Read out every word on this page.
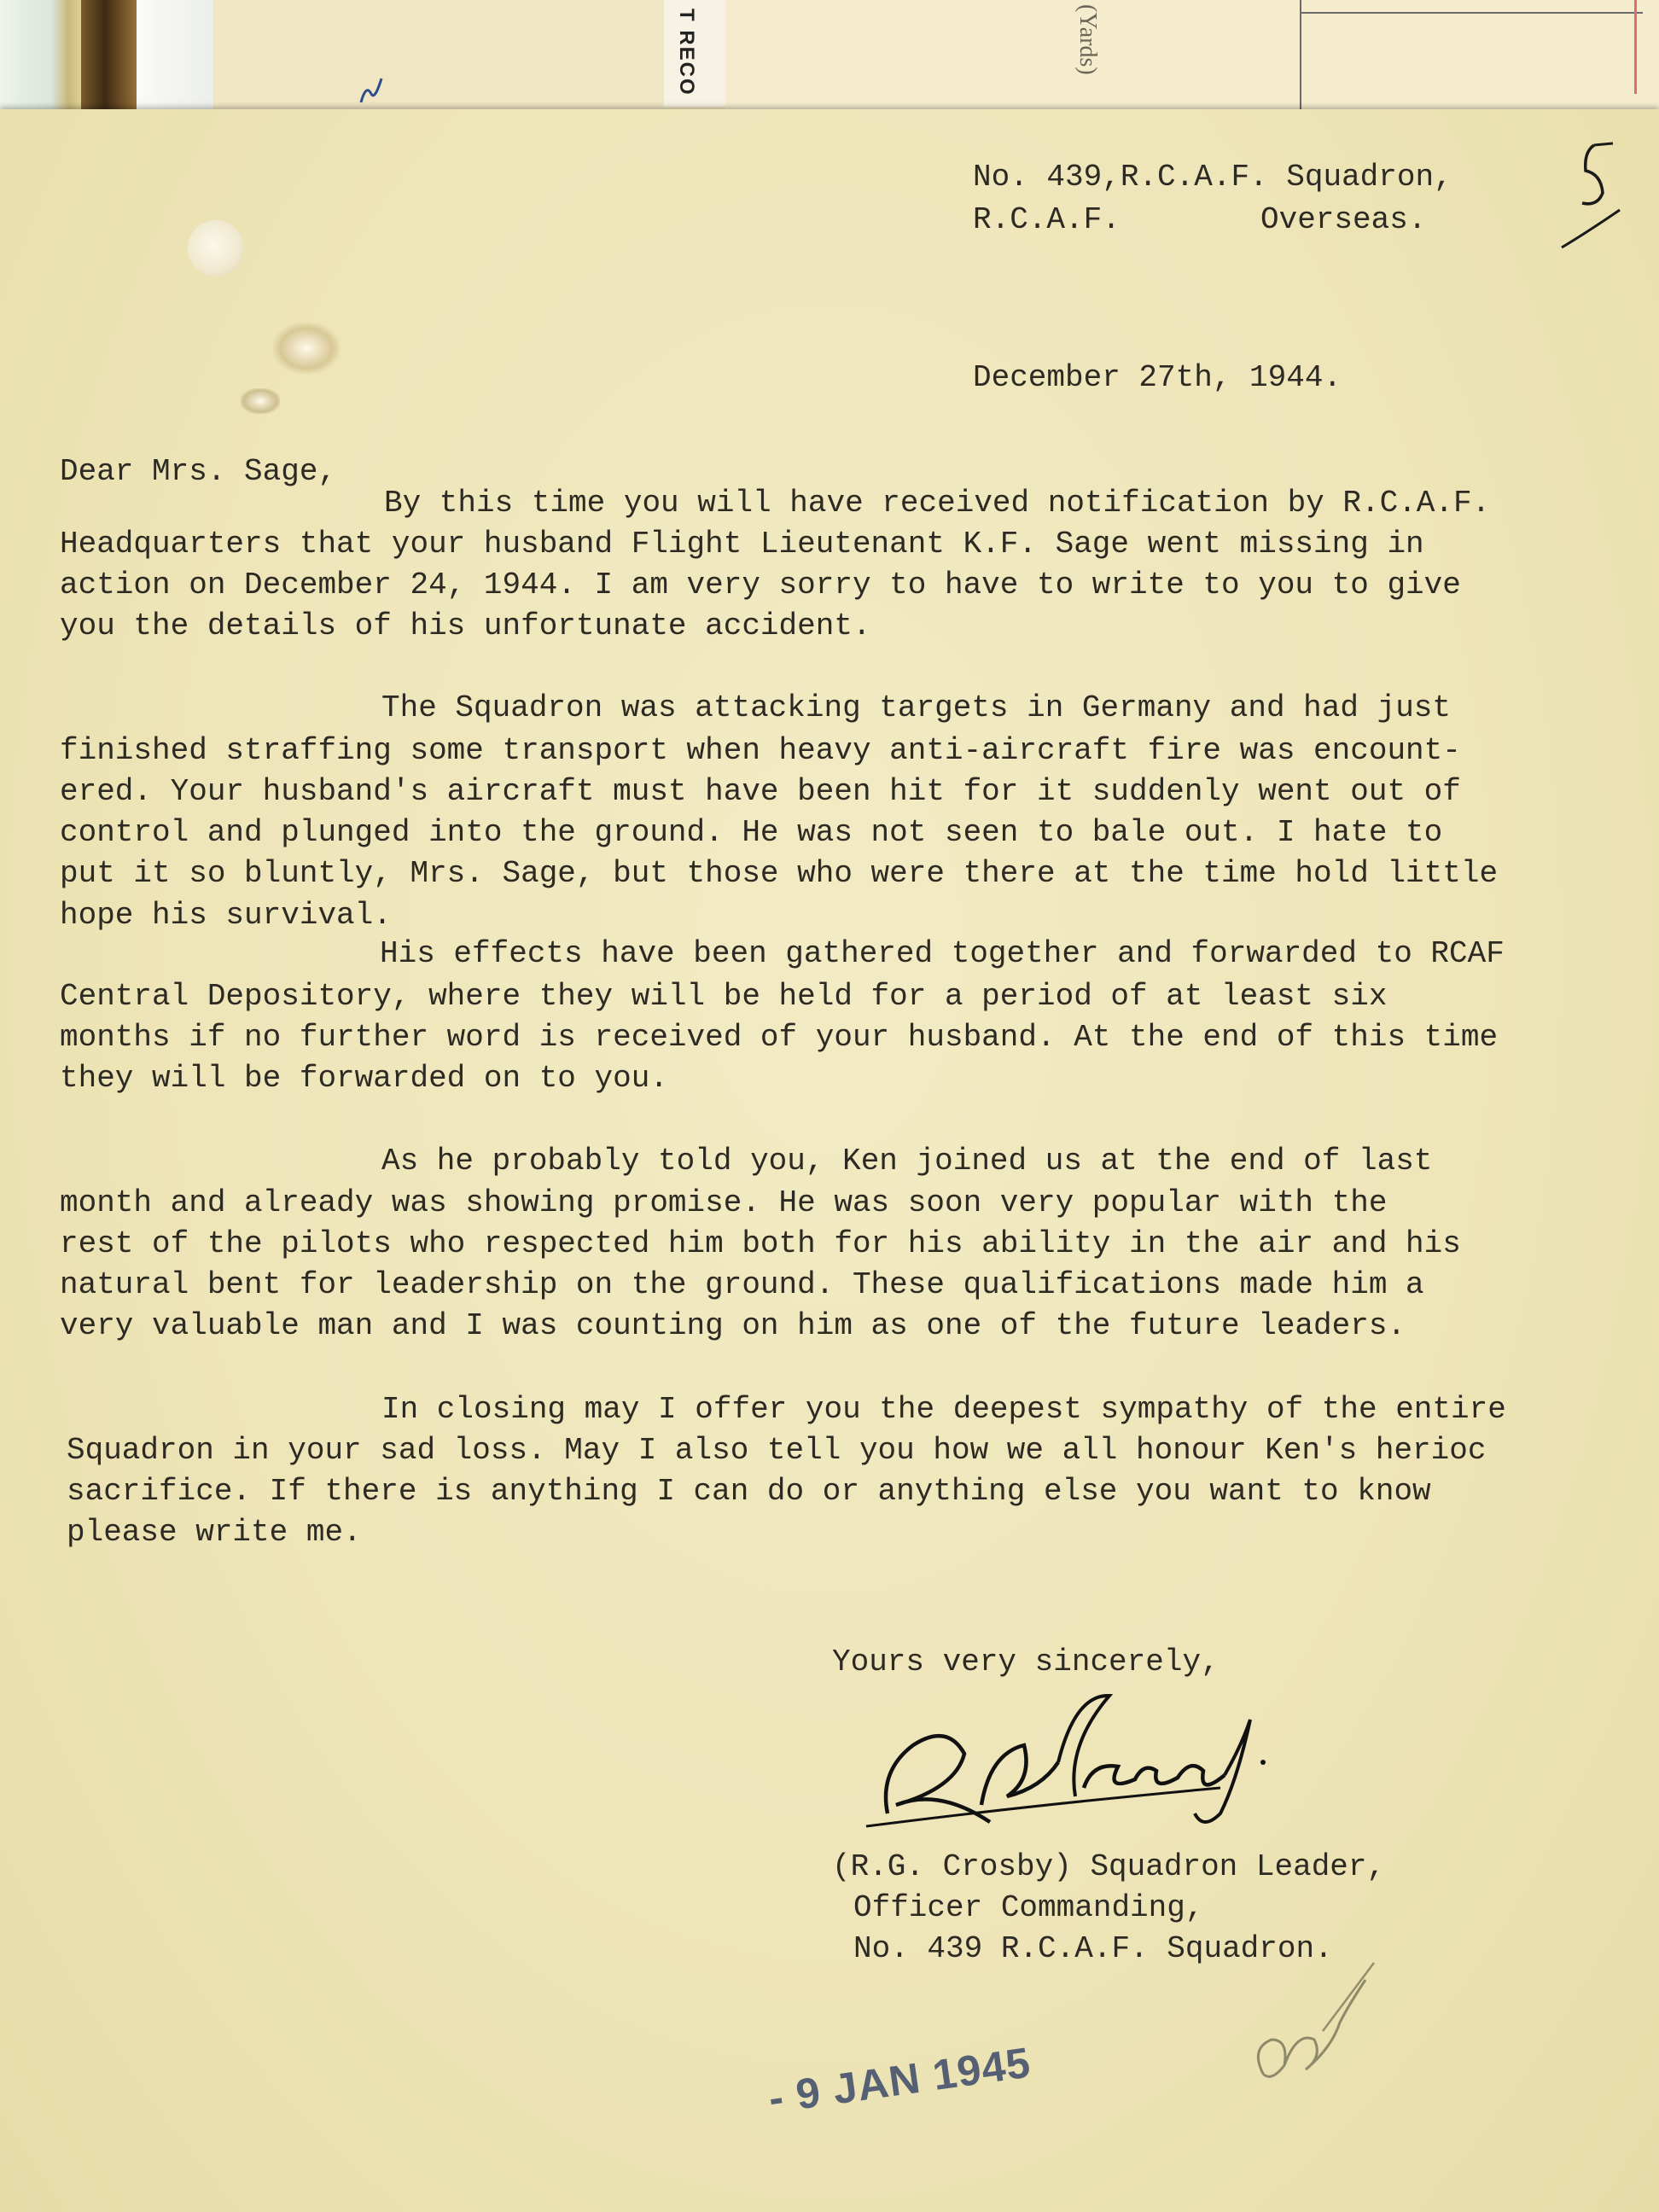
T RECO	(Yards)
No. 439,R.C.A.F. Squadron,
R.C.A.F.	Overseas.
December 27th, 1944.
Dear Mrs. Sage,
By this time you will have received notification by R.C.A.F.
Headquarters that your husband Flight Lieutenant K.F. Sage went missing in
action on December 24, 1944. I am very sorry to have to write to you to give
you the details of his unfortunate accident.
The Squadron was attacking targets in Germany and had just
finished straffing some transport when heavy anti-aircraft fire was encount-
ered. Your husband's aircraft must have been hit for it suddenly went out of
control and plunged into the ground. He was not seen to bale out. I hate to
put it so bluntly, Mrs. Sage, but those who were there at the time hold little
hope his survival.
His effects have been gathered together and forwarded to RCAF
Central Depository, where they will be held for a period of at least six
months if no further word is received of your husband. At the end of this time
they will be forwarded on to you.
As he probably told you, Ken joined us at the end of last
month and already was showing promise. He was soon very popular with the
rest of the pilots who respected him both for his ability in the air and his
natural bent for leadership on the ground. These qualifications made him a
very valuable man and I was counting on him as one of the future leaders.
In closing may I offer you the deepest sympathy of the entire
Squadron in your sad loss. May I also tell you how we all honour Ken's herioc
sacrifice. If there is anything I can do or anything else you want to know
please write me.
Yours very sincerely,
(R.G. Crosby) Squadron Leader,
Officer Commanding,
No. 439 R.C.A.F. Squadron.
- 9 JAN 1945
